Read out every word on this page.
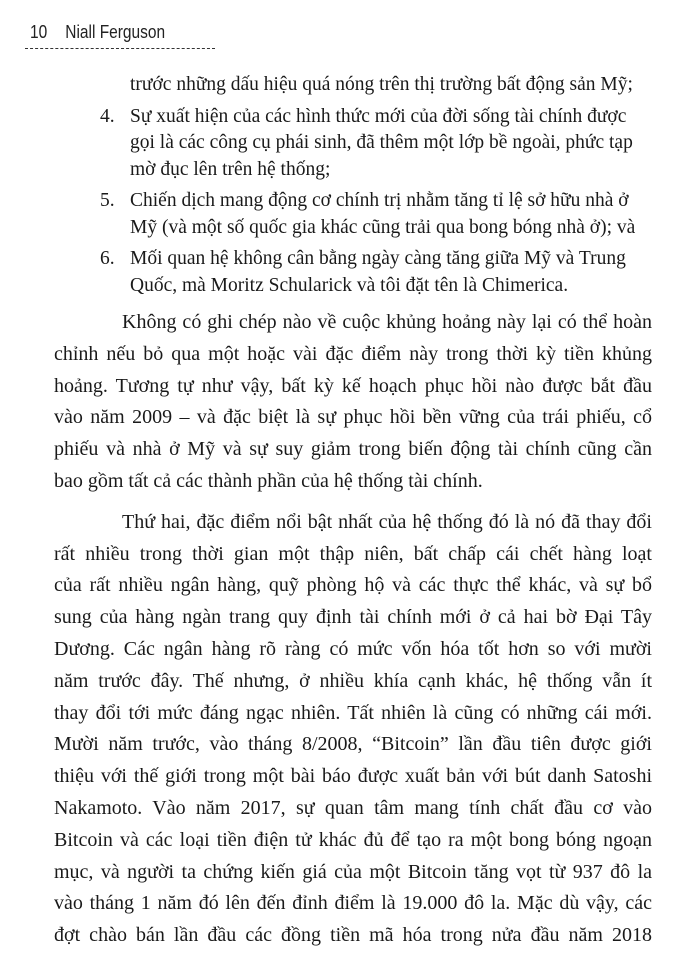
10 Niall Ferguson
trước những dấu hiệu quá nóng trên thị trường bất động sản Mỹ;
4. Sự xuất hiện của các hình thức mới của đời sống tài chính được
gọi là các công cụ phái sinh, đã thêm một lớp bề ngoài, phức tạp
mờ đục lên trên hệ thống;
5. Chiến dịch mang động cơ chính trị nhằm tăng tỉ lệ sở hữu nhà ở
Mỹ (và một số quốc gia khác cũng trải qua bong bóng nhà ở); và
6. Mối quan hệ không cân bằng ngày càng tăng giữa Mỹ và Trung
Quốc, mà Moritz Schularick và tôi đặt tên là Chimerica.
Không có ghi chép nào về cuộc khủng hoảng này lại có thể hoàn
chỉnh nếu bỏ qua một hoặc vài đặc điểm này trong thời kỳ tiền khủng
hoảng. Tương tự như vậy, bất kỳ kế hoạch phục hồi nào được bắt đầu
vào năm 2009 – và đặc biệt là sự phục hồi bền vững của trái phiếu, cổ
phiếu và nhà ở Mỹ và sự suy giảm trong biến động tài chính cũng cần
bao gồm tất cả các thành phần của hệ thống tài chính.
Thứ hai, đặc điểm nổi bật nhất của hệ thống đó là nó đã thay đổi
rất nhiều trong thời gian một thập niên, bất chấp cái chết hàng loạt
của rất nhiều ngân hàng, quỹ phòng hộ và các thực thể khác, và sự bổ
sung của hàng ngàn trang quy định tài chính mới ở cả hai bờ Đại Tây
Dương. Các ngân hàng rõ ràng có mức vốn hóa tốt hơn so với mười
năm trước đây. Thế nhưng, ở nhiều khía cạnh khác, hệ thống vẫn ít
thay đổi tới mức đáng ngạc nhiên. Tất nhiên là cũng có những cái mới.
Mười năm trước, vào tháng 8/2008, “Bitcoin” lần đầu tiên được giới
thiệu với thế giới trong một bài báo được xuất bản với bút danh Satoshi
Nakamoto. Vào năm 2017, sự quan tâm mang tính chất đầu cơ vào
Bitcoin và các loại tiền điện tử khác đủ để tạo ra một bong bóng ngoạn
mục, và người ta chứng kiến giá của một Bitcoin tăng vọt từ 937 đô la
vào tháng 1 năm đó lên đến đỉnh điểm là 19.000 đô la. Mặc dù vậy, các
đợt chào bán lần đầu các đồng tiền mã hóa trong nửa đầu năm 2018
